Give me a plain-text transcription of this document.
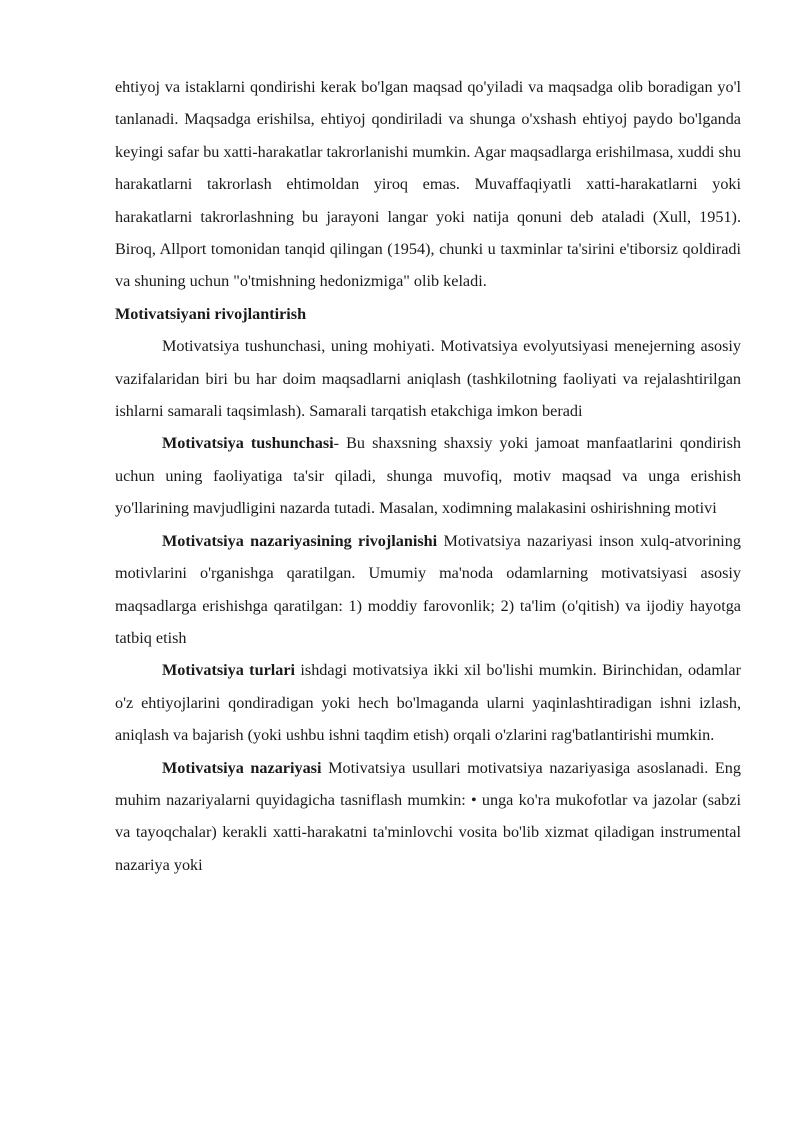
ehtiyoj va istaklarni qondirishi kerak bo'lgan maqsad qo'yiladi va maqsadga olib boradigan yo'l tanlanadi. Maqsadga erishilsa, ehtiyoj qondiriladi va shunga o'xshash ehtiyoj paydo bo'lganda keyingi safar bu xatti-harakatlar takrorlanishi mumkin. Agar maqsadlarga erishilmasa, xuddi shu harakatlarni takrorlash ehtimoldan yiroq emas. Muvaffaqiyatli xatti-harakatlarni yoki harakatlarni takrorlashning bu jarayoni langar yoki natija qonuni deb ataladi (Xull, 1951). Biroq, Allport tomonidan tanqid qilingan (1954), chunki u taxminlar ta'sirini e'tiborsiz qoldiradi va shuning uchun "o'tmishning hedonizmiga" olib keladi.

Motivatsiyani rivojlantirish

Motivatsiya tushunchasi, uning mohiyati. Motivatsiya evolyutsiyasi menejerning asosiy vazifalaridan biri bu har doim maqsadlarni aniqlash (tashkilotning faoliyati va rejalashtirilgan ishlarni samarali taqsimlash). Samarali tarqatish etakchiga imkon beradi

Motivatsiya tushunchasi- Bu shaxsning shaxsiy yoki jamoat manfaatlarini qondirish uchun uning faoliyatiga ta'sir qiladi, shunga muvofiq, motiv maqsad va unga erishish yo'llarining mavjudligini nazarda tutadi. Masalan, xodimning malakasini oshirishning motivi

Motivatsiya nazariyasining rivojlanishi Motivatsiya nazariyasi inson xulq-atvorining motivlarini o'rganishga qaratilgan. Umumiy ma'noda odamlarning motivatsiyasi asosiy maqsadlarga erishishga qaratilgan: 1) moddiy farovonlik; 2) ta'lim (o'qitish) va ijodiy hayotga tatbiq etish

Motivatsiya turlari ishdagi motivatsiya ikki xil bo'lishi mumkin. Birinchidan, odamlar o'z ehtiyojlarini qondiradigan yoki hech bo'lmaganda ularni yaqinlashtiradigan ishni izlash, aniqlash va bajarish (yoki ushbu ishni taqdim etish) orqali o'zlarini rag'batlantirishi mumkin.

Motivatsiya nazariyasi Motivatsiya usullari motivatsiya nazariyasiga asoslanadi. Eng muhim nazariyalarni quyidagicha tasniflash mumkin: • unga ko'ra mukofotlar va jazolar (sabzi va tayoqchalar) kerakli xatti-harakatni ta'minlovchi vosita bo'lib xizmat qiladigan instrumental nazariya yoki
